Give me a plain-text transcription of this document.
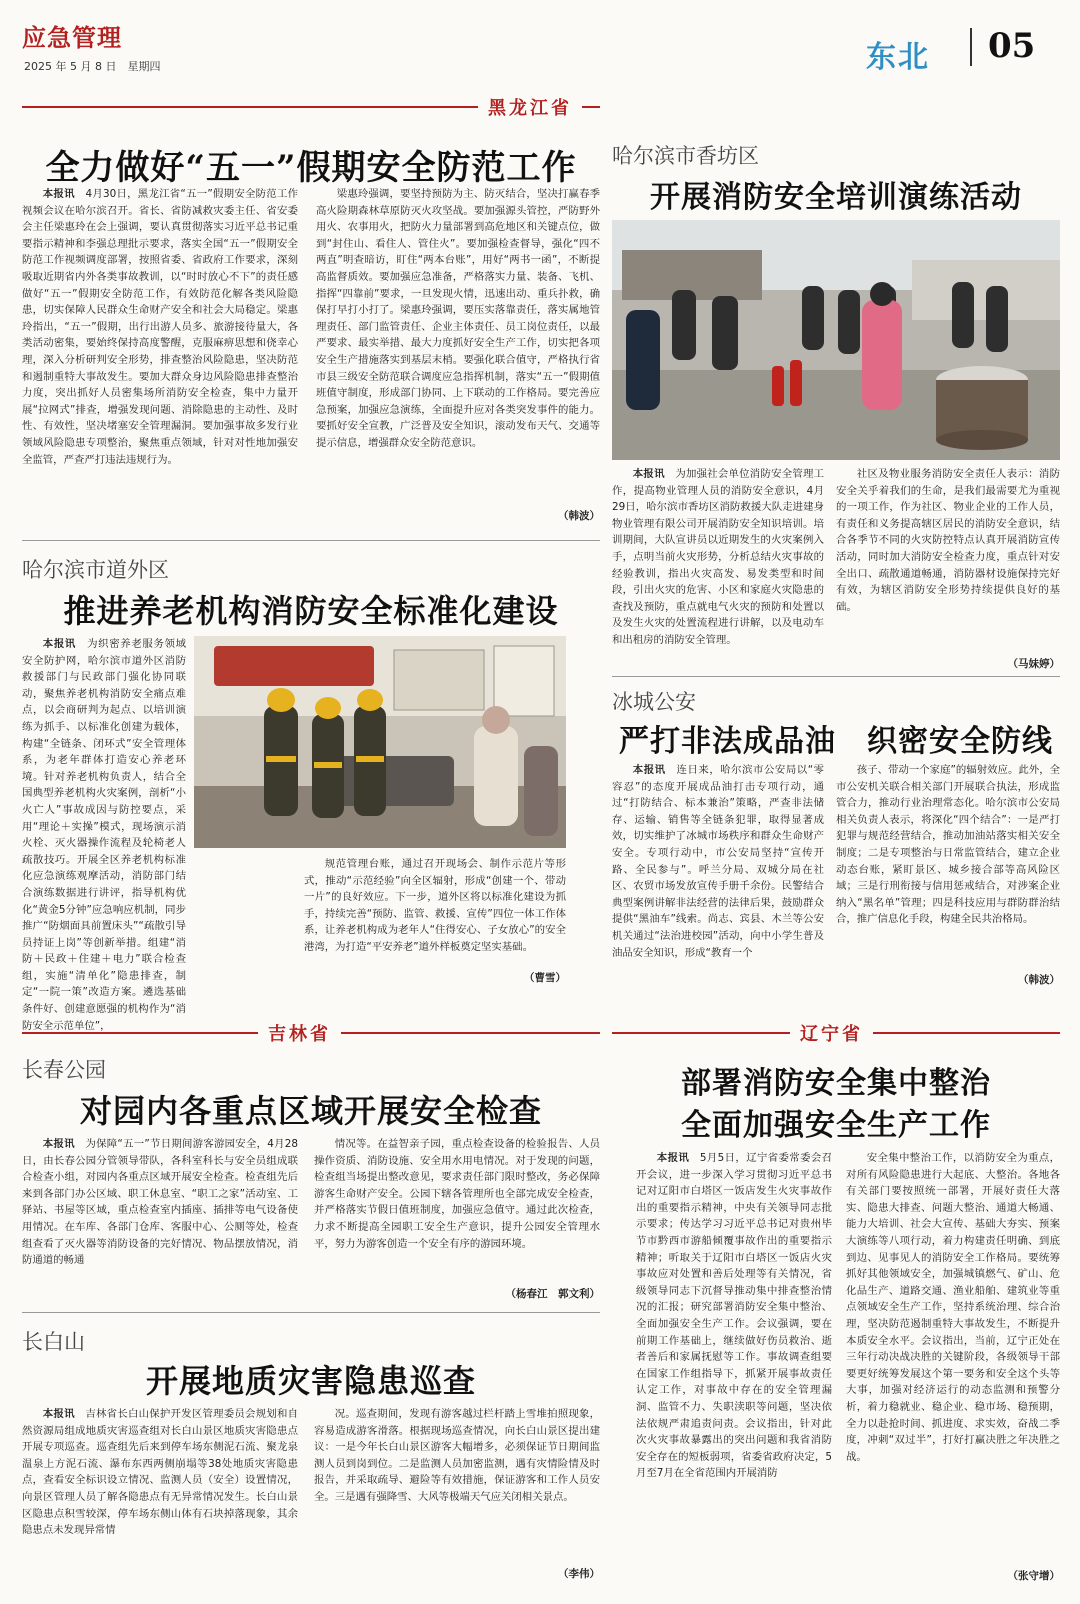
应急管理
2025 年 5 月 8 日　星期四	东北 05
黑龙江省
全力做好“五一”假期安全防范工作

本报讯　 4月30日，黑龙江省“五一”假期安全防范工作视频会议在哈尔滨召开。省长、省防减救灾委主任、省安委会主任梁惠玲在会上强调，要认真贯彻落实习近平总书记重要指示精神和李强总理批示要求，落实全国“五一”假期安全防范工作视频调度部署，按照省委、省政府工作要求，深刻吸取近期省内外各类事故教训，以“时时放心不下”的责任感做好“五一”假期安全防范工作，有效防范化解各类风险隐患，切实保障人民群众生命财产安全和社会大局稳定。梁惠玲指出，“五一”假期，出行出游人员多、旅游接待量大，各类活动密集，要始终保持高度警醒，克服麻痹思想和侥幸心理，深入分析研判安全形势，排查整治风险隐患，坚决防范和遏制重特大事故发生。要加大群众身边风险隐患排查整治力度，突出抓好人员密集场所消防安全检查，集中力量开展“拉网式”排查，增强发现问题、消除隐患的主动性、及时性、有效性，坚决堵塞安全管理漏洞。要加强事故多发行业领域风险隐患专项整治，聚焦重点领域，针对对性地加强安全监管，严查严打违法违规行为。

梁惠玲强调，要坚持预防为主、防灭结合，坚决打赢春季高火险期森林草原防灭火攻坚战。要加强源头管控，严防野外用火、农事用火，把防火力量部署到高危地区和关键点位，做到“封住山、看住人、管住火”。要加强检查督导，强化“四不两直”明查暗访，盯住“两本台账”，用好“两书一函”，不断提高监督质效。要加强应急准备，严格落实力量、装备、飞机、指挥“四靠前”要求，一旦发现火情，迅速出动、重兵扑救，确保打早打小打了。梁惠玲强调，要压实落靠责任，落实属地管理责任、部门监管责任、企业主体责任、员工岗位责任，以最严要求、最实举措、最大力度抓好安全生产工作，切实把各项安全生产措施落实到基层末梢。要强化联合值守，严格执行省市县三级安全防范联合调度应急指挥机制，落实“五一”假期值班值守制度，形成部门协同、上下联动的工作格局。要完善应急预案，加强应急演练，全面提升应对各类突发事件的能力。要抓好安全宣教，广泛普及安全知识，滚动发布天气、交通等提示信息，增强群众安全防范意识。

（韩波）
哈尔滨市道外区
推进养老机构消防安全标准化建设

本报讯　 为织密养老服务领域安全防护网，哈尔滨市道外区消防救援部门与民政部门强化协同联动，聚焦养老机构消防安全痛点难点，以会商研判为起点、以培训演练为抓手、以标准化创建为载体，构建“全链条、闭环式”安全管理体系，为老年群体打造安心养老环境。针对养老机构负责人，结合全国典型养老机构火灾案例，剖析“小火亡人”事故成因与防控要点，采用“理论＋实操”模式，现场演示消火栓、灭火器操作流程及轮椅老人疏散技巧。开展全区养老机构标准化应急演练观摩活动，消防部门结合演练数据进行讲评，指导机构优化“黄金5分钟”应急响应机制，同步推广“防烟面具前置床头”“疏散引导员持证上岗”等创新举措。组建“消防＋民政＋住建＋电力”联合检查组，实施“清单化”隐患排查，制定“一院一策”改造方案。遴选基础条件好、创建意愿强的机构作为“消防安全示范单位”，

规范管理台账，通过召开现场会、制作示范片等形式，推动“示范经验”向全区辐射，形成“创建一个、带动一片”的良好效应。下一步，道外区将以标准化建设为抓手，持续完善“预防、监管、救援、宣传”四位一体工作体系，让养老机构成为老年人“住得安心、子女放心”的安全港湾，为打造“平安养老”道外样板奠定坚实基础。

（曹雪）
哈尔滨市香坊区
开展消防安全培训演练活动

本报讯　 为加强社会单位消防安全管理工作，提高物业管理人员的消防安全意识，4月29日，哈尔滨市香坊区消防救援大队走进建身物业管理有限公司开展消防安全知识培训。培训期间，大队宣讲员以近期发生的火灾案例入手，点明当前火灾形势，分析总结火灾事故的经验教训，指出火灾高发、易发类型和时间段，引出火灾的危害、小区和家庭火灾隐患的查找及预防，重点就电气火灾的预防和处置以及发生火灾的处置流程进行讲解，以及电动车和出租房的消防安全管理。

社区及物业服务消防安全责任人表示：消防安全关乎着我们的生命，是我们最需要尤为重视的一项工作，作为社区、物业企业的工作人员，有责任和义务提高辖区居民的消防安全意识，结合各季节不同的火灾防控特点认真开展消防宣传活动，同时加大消防安全检查力度，重点针对安全出口、疏散通道畅通，消防器材设施保持完好有效，为辖区消防安全形势持续提供良好的基础。

（马妹婷）
冰城公安
严打非法成品油　织密安全防线

本报讯　 连日来，哈尔滨市公安局以“零容忍”的态度开展成品油打击专项行动，通过“打防结合、标本兼治”策略，严查非法储存、运输、销售等全链条犯罪，取得显著成效，切实维护了冰城市场秩序和群众生命财产安全。专项行动中，市公安局坚持“宣传开路、全民参与”。呼兰分局、双城分局在社区、农贸市场发放宣传手册千余份。民警结合典型案例讲解非法经营的法律后果，鼓励群众提供“黑油车”线索。尚志、宾县、木兰等公安机关通过“法治进校园”活动，向中小学生普及油品安全知识，形成“教育一个

孩子、带动一个家庭”的辐射效应。此外，全市公安机关联合相关部门开展联合执法，形成监管合力，推动行业治理常态化。哈尔滨市公安局相关负责人表示，将深化“四个结合”：一是严打犯罪与规范经营结合，推动加油站落实相关安全制度；二是专项整治与日常监管结合，建立企业动态台账，紧盯景区、城乡接合部等高风险区域；三是行刑衔接与信用惩戒结合，对涉案企业纳入“黑名单”管理；四是科技应用与群防群治结合，推广信息化手段，构建全民共治格局。

（韩波）
吉林省	辽宁省
长春公园
对园内各重点区域开展安全检查

本报讯　 为保障“五一”节日期间游客游园安全，4月28日，由长春公园分管领导带队，各科室科长与安全员组成联合检查小组，对园内各重点区域开展安全检查。检查组先后来到各部门办公区域、职工休息室、“职工之家”活动室、工驿站、书屋等区域，重点检查室内插座、插排等电气设备使用情况。在车库、各部门仓库、客服中心、公厕等处，检查组查看了灭火器等消防设备的完好情况、物品摆放情况，消防通道的畅通

情况等。在益智亲子园，重点检查设备的检验报告、人员操作资质、消防设施、安全用水用电情况。对于发现的问题，检查组当场提出整改意见，要求责任部门限时整改，务必保障游客生命财产安全。公园下辖各管理所也全部完成安全检查，并严格落实节假日值班制度，加强应急值守。通过此次检查，力求不断提高全园职工安全生产意识，提升公园安全管理水平，努力为游客创造一个安全有序的游园环境。

（杨春江　郭文利）
长白山
开展地质灾害隐患巡查

本报讯　 吉林省长白山保护开发区管理委员会规划和自然资源局组成地质灾害巡查组对长白山景区地质灾害隐患点开展专项巡查。巡查组先后来到停车场东侧泥石流、聚龙泉温泉上方泥石流、瀑布东西两侧崩塌等38处地质灾害隐患点，查看安全标识设立情况、监测人员（安全）设置情况，向景区管理人员了解各隐患点有无异常情况发生。长白山景区隐患点积雪较深，停车场东侧山体有石块掉落现象，其余隐患点未发现异常情

况。巡查期间，发现有游客越过栏杆踏上雪堆拍照现象，容易造成游客滑落。根据现场巡查情况，向长白山景区提出建议：一是今年长白山景区游客大幅增多，必须保证节日期间监测人员到岗到位。二是监测人员加密监测，遇有灾情险情及时报告，并采取疏导、避险等有效措施，保证游客和工作人员安全。三是遇有强降雪、大风等极端天气应关闭相关景点。

（李伟）
部署消防安全集中整治
全面加强安全生产工作

本报讯　 5月5日，辽宁省委常委会召开会议，进一步深入学习贯彻习近平总书记对辽阳市白塔区一饭店发生火灾事故作出的重要指示精神，中央有关领导同志批示要求；传达学习习近平总书记对贵州毕节市黔西市游船倾覆事故作出的重要指示精神；听取关于辽阳市白塔区一饭店火灾事故应对处置和善后处理等有关情况，省级领导同志下沉督导推动集中排查整治情况的汇报；研究部署消防安全集中整治、全面加强安全生产工作。会议强调，要在前期工作基础上，继续做好伤员救治、逝者善后和家属抚慰等工作。事故调查组要在国家工作组指导下，抓紧开展事故责任认定工作，对事故中存在的安全管理漏洞、监管不力、失职渎职等问题，坚决依法依规严肃追责问责。会议指出，针对此次火灾事故暴露出的突出问题和我省消防安全存在的短板弱项，省委省政府决定，5月至7月在全省范围内开展消防

安全集中整治工作，以消防安全为重点，对所有风险隐患进行大起底、大整治。各地各有关部门要按照统一部署，开展好责任大落实、隐患大排查、问题大整治、通道大畅通、能力大培训、社会大宣传、基础大夯实、预案大演练等八项行动，着力构建责任明确、到底到边、见事见人的消防安全工作格局。要统筹抓好其他领域安全，加强城镇燃气、矿山、危化品生产、道路交通、渔业船舶、建筑业等重点领域安全生产工作，坚持系统治理、综合治理，坚决防范遏制重特大事故发生，不断提升本质安全水平。会议指出，当前，辽宁正处在三年行动决战决胜的关键阶段，各级领导干部要更好统筹发展这个第一要务和安全这个头等大事，加强对经济运行的动态监测和预警分析，着力稳就业、稳企业、稳市场、稳预期，全力以赴抢时间、抓进度、求实效，奋战二季度，冲刺“双过半”，打好打赢决胜之年决胜之战。

（张守增）
